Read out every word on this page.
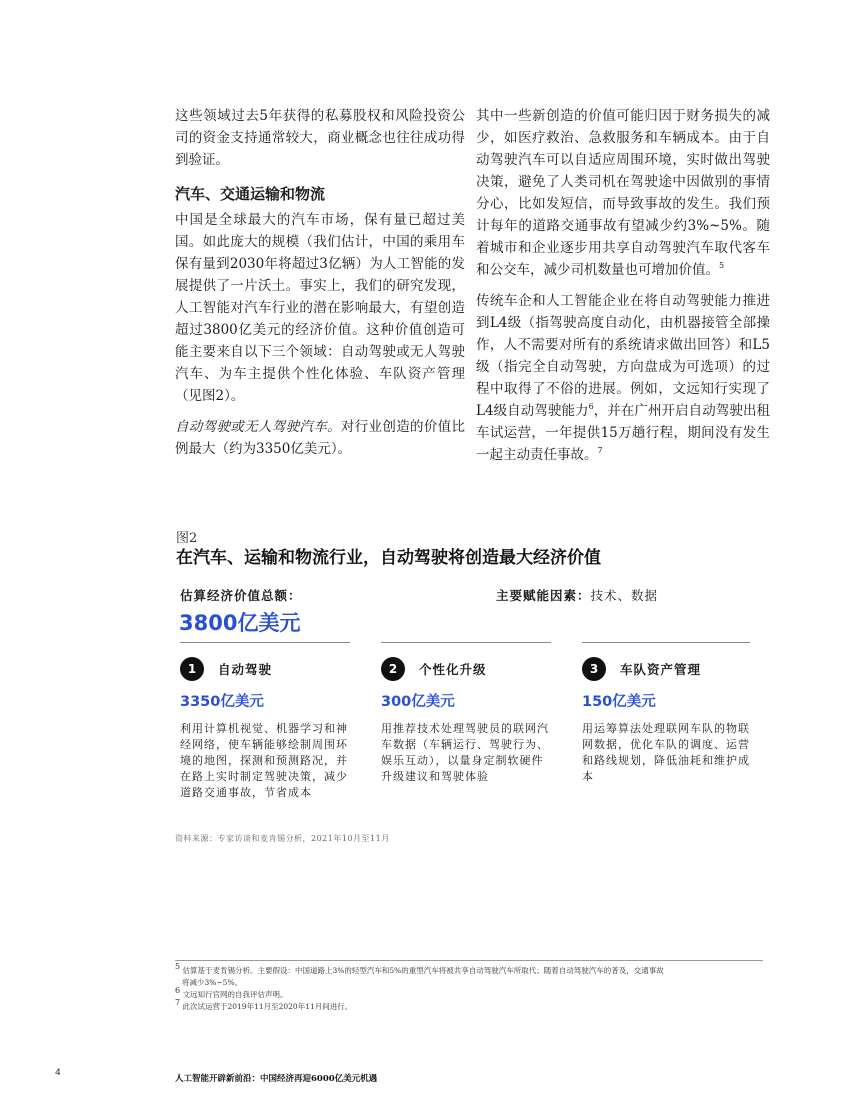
这些领域过去5年获得的私募股权和风险投资公司的资金支持通常较大，商业概念也往往成功得到验证。

汽车、交通运输和物流

中国是全球最大的汽车市场，保有量已超过美国。如此庞大的规模（我们估计，中国的乘用车保有量到2030年将超过3亿辆）为人工智能的发展提供了一片沃土。事实上，我们的研究发现，人工智能对汽车行业的潜在影响最大，有望创造超过3800亿美元的经济价值。这种价值创造可能主要来自以下三个领域：自动驾驶或无人驾驶汽车、为车主提供个性化体验、车队资产管理（见图2）。

自动驾驶或无人驾驶汽车。对行业创造的价值比例最大（约为3350亿美元）。

其中一些新创造的价值可能归因于财务损失的减少，如医疗救治、急救服务和车辆成本。由于自动驾驶汽车可以自适应周围环境，实时做出驾驶决策，避免了人类司机在驾驶途中因做别的事情分心，比如发短信，而导致事故的发生。我们预计每年的道路交通事故有望减少约3%~5%。随着城市和企业逐步用共享自动驾驶汽车取代客车和公交车，减少司机数量也可增加价值。$^5$

传统车企和人工智能企业在将自动驾驶能力推进到L4级（指驾驶高度自动化，由机器接管全部操作，人不需要对所有的系统请求做出回答）和L5级（指完全自动驾驶，方向盘成为可选项）的过程中取得了不俗的进展。例如，文远知行实现了L4级自动驾驶能力$^6$，并在广州开启自动驾驶出租车试运营，一年提供15万趟行程，期间没有发生一起主动责任事故。$^7$

图2
在汽车、运输和物流行业，自动驾驶将创造最大经济价值
估算经济价值总额：
3800亿美元
主要赋能因素：技术、数据
1	自动驾驶
3350亿美元
利用计算机视觉、机器学习和神经网络，使车辆能够绘制周围环境的地图，探测和预测路况，并在路上实时制定驾驶决策，减少道路交通事故，节省成本
2	个性化升级
300亿美元
用推荐技术处理驾驶员的联网汽车数据（车辆运行、驾驶行为、娱乐互动），以量身定制软硬件升级建议和驾驶体验
3	车队资产管理
150亿美元
用运筹算法处理联网车队的物联网数据，优化车队的调度、运营和路线规划，降低油耗和维护成本
资料来源：专家访谈和麦肯锡分析，2021年10月至11月

$^5$ 估算基于麦肯锡分析。主要假设：中国道路上3%的轻型汽车和5%的重型汽车将被共享自动驾驶汽车所取代；随着自动驾驶汽车的普及，交通事故

将减少3%~5%。

$^6$ 文远知行官网的自我评估声明。

$^7$ 此次试运营于2019年11月至2020年11月间进行。

4
人工智能开辟新前沿：中国经济再迎6000亿美元机遇
